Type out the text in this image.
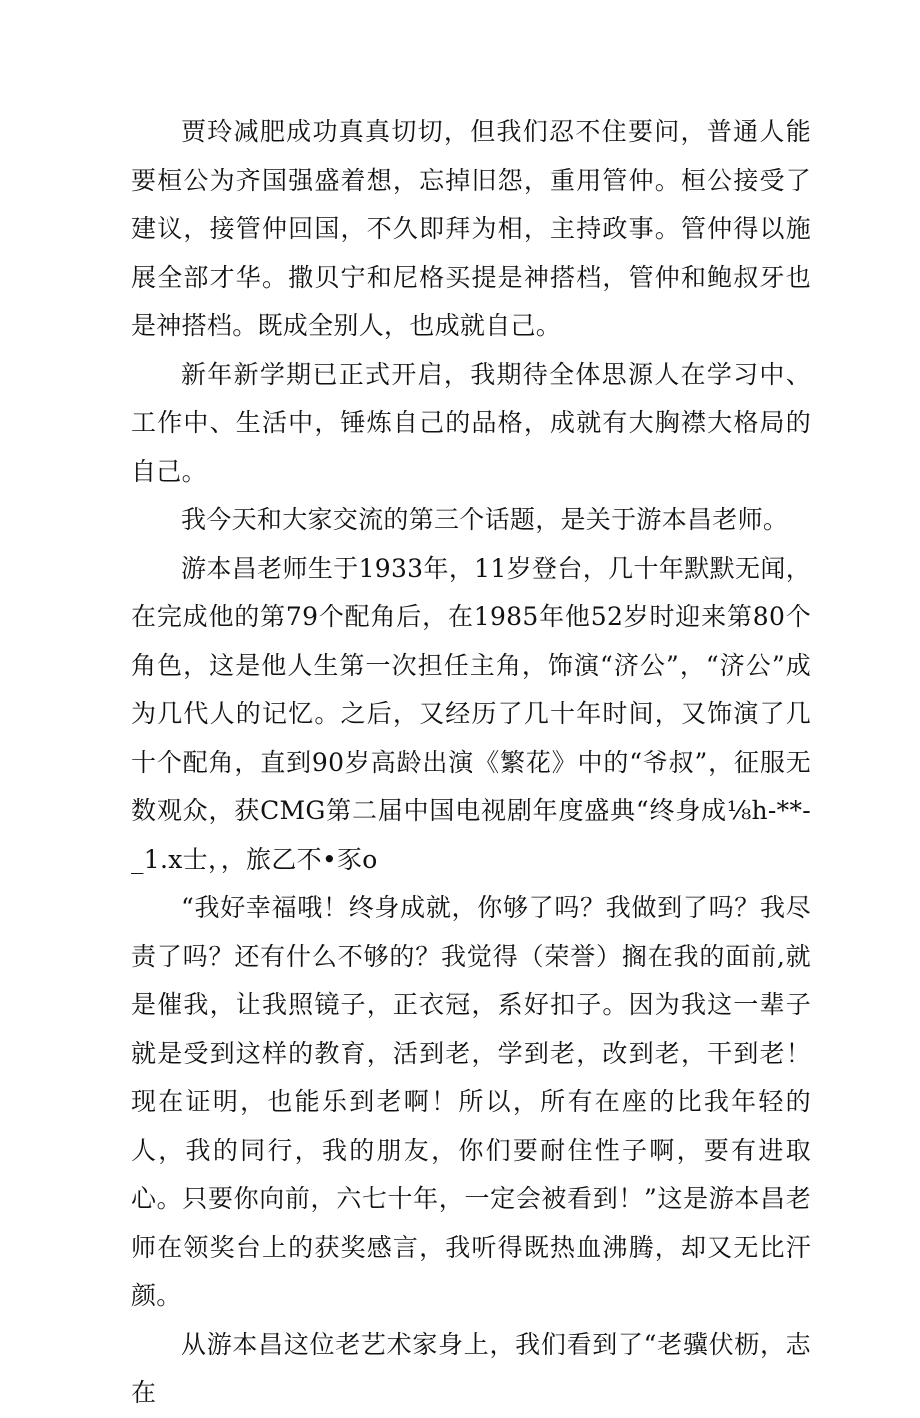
贾玲减肥成功真真切切，但我们忍不住要问，普通人能要桓公为齐国强盛着想，忘掉旧怨，重用管仲。桓公接受了建议，接管仲回国，不久即拜为相，主持政事。管仲得以施展全部才华。撒贝宁和尼格买提是神搭档，管仲和鲍叔牙也是神搭档。既成全别人，也成就自己。

新年新学期已正式开启，我期待全体思源人在学习中、工作中、生活中，锤炼自己的品格，成就有大胸襟大格局的自己。

我今天和大家交流的第三个话题，是关于游本昌老师。

游本昌老师生于1933年，11岁登台，几十年默默无闻，在完成他的第79个配角后，在1985年他52岁时迎来第80个角色，这是他人生第一次担任主角，饰演“济公”，“济公”成为几代人的记忆。之后，又经历了几十年时间，又饰演了几十个配角，直到90岁高龄出演《繁花》中的“爷叔”，征服无数观众，获CMG第二届中国电视剧年度盛典“终身成⅛h-**-_1.x士，，旅乙不•豕o

“我好幸福哦！终身成就，你够了吗？我做到了吗？我尽责了吗？还有什么不够的？我觉得（荣誉）搁在我的面前,就是催我，让我照镜子，正衣冠，系好扣子。因为我这一辈子就是受到这样的教育，活到老，学到老，改到老，干到老！现在证明，也能乐到老啊！所以，所有在座的比我年轻的人，我的同行，我的朋友，你们要耐住性子啊，要有进取心。只要你向前，六七十年，一定会被看到！”这是游本昌老师在领奖台上的获奖感言，我听得既热血沸腾，却又无比汗颜。

从游本昌这位老艺术家身上，我们看到了“老骥伏枥，志在
